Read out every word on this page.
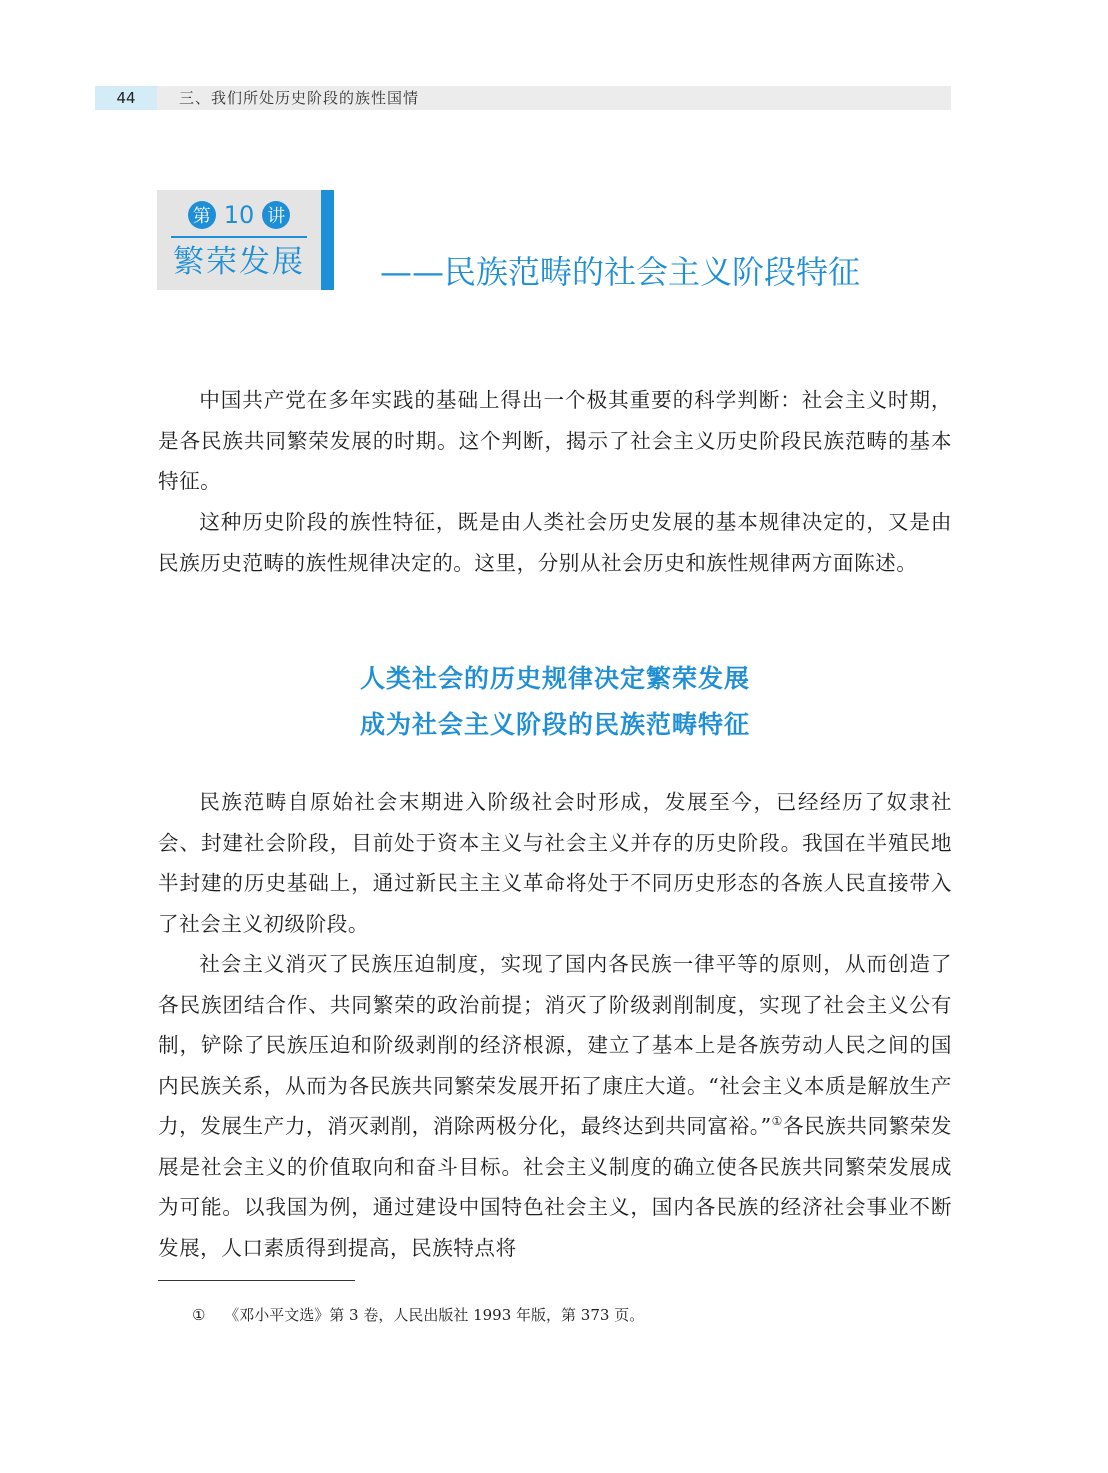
44	三、我们所处历史阶段的族性国情
第 10 讲
繁荣发展	——民族范畴的社会主义阶段特征

中国共产党在多年实践的基础上得出一个极其重要的科学判断：社会主义时期，是各民族共同繁荣发展的时期。这个判断，揭示了社会主义历史阶段民族范畴的基本特征。

这种历史阶段的族性特征，既是由人类社会历史发展的基本规律决定的，又是由民族历史范畴的族性规律决定的。这里，分别从社会历史和族性规律两方面陈述。

人类社会的历史规律决定繁荣发展
成为社会主义阶段的民族范畴特征

民族范畴自原始社会末期进入阶级社会时形成，发展至今，已经经历了奴隶社会、封建社会阶段，目前处于资本主义与社会主义并存的历史阶段。我国在半殖民地半封建的历史基础上，通过新民主主义革命将处于不同历史形态的各族人民直接带入了社会主义初级阶段。

社会主义消灭了民族压迫制度，实现了国内各民族一律平等的原则，从而创造了各民族团结合作、共同繁荣的政治前提；消灭了阶级剥削制度，实现了社会主义公有制，铲除了民族压迫和阶级剥削的经济根源，建立了基本上是各族劳动人民之间的国内民族关系，从而为各民族共同繁荣发展开拓了康庄大道。“社会主义本质是解放生产力，发展生产力，消灭剥削，消除两极分化，最终达到共同富裕。”①各民族共同繁荣发展是社会主义的价值取向和奋斗目标。社会主义制度的确立使各民族共同繁荣发展成为可能。以我国为例，通过建设中国特色社会主义，国内各民族的经济社会事业不断发展，人口素质得到提高，民族特点将

① 《邓小平文选》第 3 卷，人民出版社 1993 年版，第 373 页。
